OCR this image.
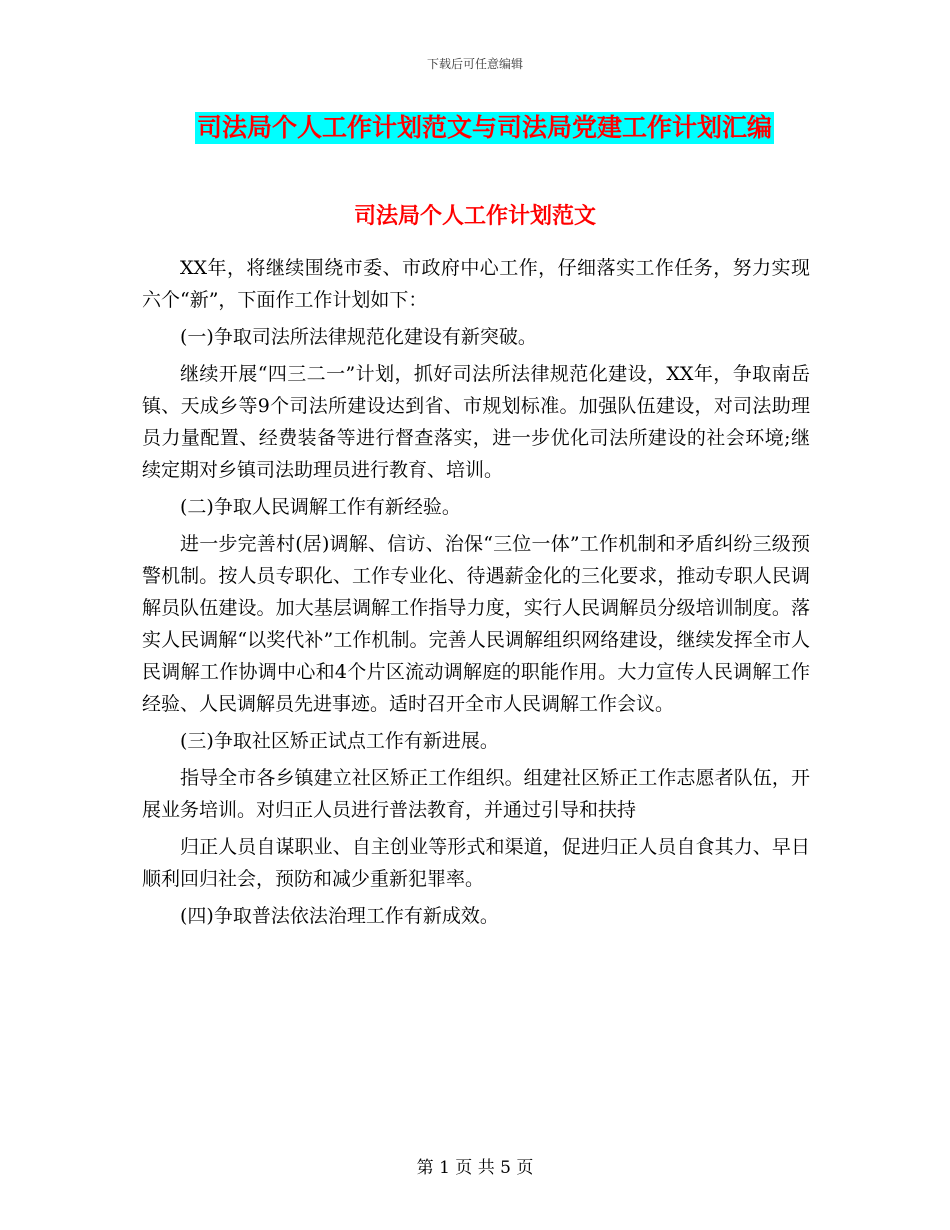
下载后可任意编辑
司法局个人工作计划范文与司法局党建工作计划汇编
司法局个人工作计划范文

XX年，将继续围绕市委、市政府中心工作，仔细落实工作任务，努力实现六个“新”，下面作工作计划如下：

(一)争取司法所法律规范化建设有新突破。

继续开展“四三二一”计划，抓好司法所法律规范化建设，XX年，争取南岳镇、天成乡等9个司法所建设达到省、市规划标准。加强队伍建设，对司法助理员力量配置、经费装备等进行督查落实，进一步优化司法所建设的社会环境;继续定期对乡镇司法助理员进行教育、培训。

(二)争取人民调解工作有新经验。

进一步完善村(居)调解、信访、治保“三位一体”工作机制和矛盾纠纷三级预警机制。按人员专职化、工作专业化、待遇薪金化的三化要求，推动专职人民调解员队伍建设。加大基层调解工作指导力度，实行人民调解员分级培训制度。落实人民调解“以奖代补”工作机制。完善人民调解组织网络建设，继续发挥全市人民调解工作协调中心和4个片区流动调解庭的职能作用。大力宣传人民调解工作经验、人民调解员先进事迹。适时召开全市人民调解工作会议。

(三)争取社区矫正试点工作有新进展。

指导全市各乡镇建立社区矫正工作组织。组建社区矫正工作志愿者队伍，开展业务培训。对归正人员进行普法教育，并通过引导和扶持

归正人员自谋职业、自主创业等形式和渠道，促进归正人员自食其力、早日顺利回归社会，预防和减少重新犯罪率。

(四)争取普法依法治理工作有新成效。

第 1 页 共 5 页
